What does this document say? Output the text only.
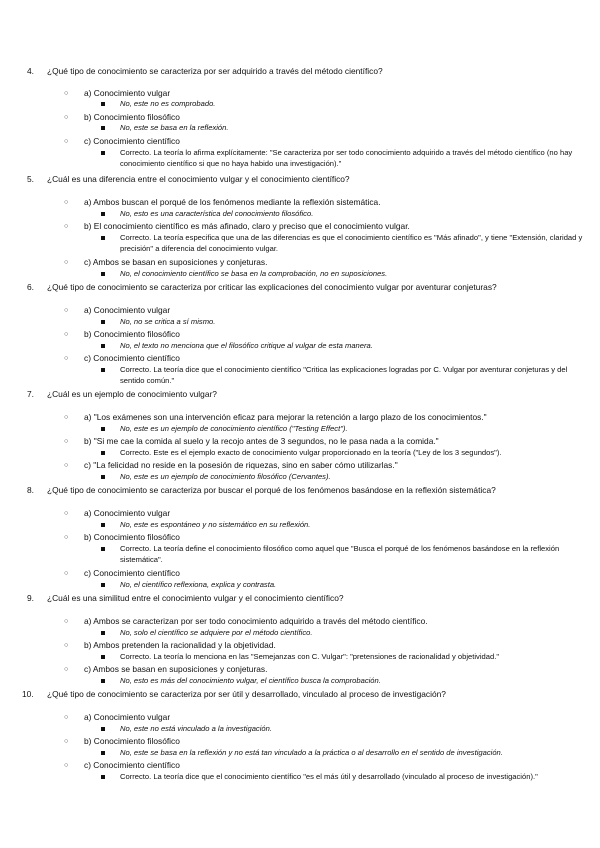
4. ¿Qué tipo de conocimiento se caracteriza por ser adquirido a través del método científico?
○ a) Conocimiento vulgar
No, este no es comprobado.
○ b) Conocimiento filosófico
No, este se basa en la reflexión.
○ c) Conocimiento científico
Correcto. La teoría lo afirma explícitamente: "Se caracteriza por ser todo conocimiento adquirido a través del método científico (no hay conocimiento científico si que no haya habido una investigación)."
5. ¿Cuál es una diferencia entre el conocimiento vulgar y el conocimiento científico?
○ a) Ambos buscan el porqué de los fenómenos mediante la reflexión sistemática.
No, esto es una característica del conocimiento filosófico.
○ b) El conocimiento científico es más afinado, claro y preciso que el conocimiento vulgar.
Correcto. La teoría especifica que una de las diferencias es que el conocimiento científico es "Más afinado", y tiene "Extensión, claridad y precisión" a diferencia del conocimiento vulgar.
○ c) Ambos se basan en suposiciones y conjeturas.
No, el conocimiento científico se basa en la comprobación, no en suposiciones.
6. ¿Qué tipo de conocimiento se caracteriza por criticar las explicaciones del conocimiento vulgar por aventurar conjeturas?
○ a) Conocimiento vulgar
No, no se critica a sí mismo.
○ b) Conocimiento filosófico
No, el texto no menciona que el filosófico critique al vulgar de esta manera.
○ c) Conocimiento científico
Correcto. La teoría dice que el conocimiento científico "Critica las explicaciones logradas por C. Vulgar por aventurar conjeturas y del sentido común."
7. ¿Cuál es un ejemplo de conocimiento vulgar?
○ a) "Los exámenes son una intervención eficaz para mejorar la retención a largo plazo de los conocimientos."
No, este es un ejemplo de conocimiento científico ("Testing Effect").
○ b) "Si me cae la comida al suelo y la recojo antes de 3 segundos, no le pasa nada a la comida."
Correcto. Este es el ejemplo exacto de conocimiento vulgar proporcionado en la teoría ("Ley de los 3 segundos").
○ c) "La felicidad no reside en la posesión de riquezas, sino en saber cómo utilizarlas."
No, este es un ejemplo de conocimiento filosófico (Cervantes).
8. ¿Qué tipo de conocimiento se caracteriza por buscar el porqué de los fenómenos basándose en la reflexión sistemática?
○ a) Conocimiento vulgar
No, este es espontáneo y no sistemático en su reflexión.
○ b) Conocimiento filosófico
Correcto. La teoría define el conocimiento filosófico como aquel que "Busca el porqué de los fenómenos basándose en la reflexión sistemática".
○ c) Conocimiento científico
No, el científico reflexiona, explica y contrasta.
9. ¿Cuál es una similitud entre el conocimiento vulgar y el conocimiento científico?
○ a) Ambos se caracterizan por ser todo conocimiento adquirido a través del método científico.
No, solo el científico se adquiere por el método científico.
○ b) Ambos pretenden la racionalidad y la objetividad.
Correcto. La teoría lo menciona en las "Semejanzas con C. Vulgar": "pretensiones de racionalidad y objetividad."
○ c) Ambos se basan en suposiciones y conjeturas.
No, esto es más del conocimiento vulgar, el científico busca la comprobación.
10. ¿Qué tipo de conocimiento se caracteriza por ser útil y desarrollado, vinculado al proceso de investigación?
○ a) Conocimiento vulgar
No, este no está vinculado a la investigación.
○ b) Conocimiento filosófico
No, este se basa en la reflexión y no está tan vinculado a la práctica o al desarrollo en el sentido de investigación.
○ c) Conocimiento científico
Correcto. La teoría dice que el conocimiento científico "es el más útil y desarrollado (vinculado al proceso de investigación)."
